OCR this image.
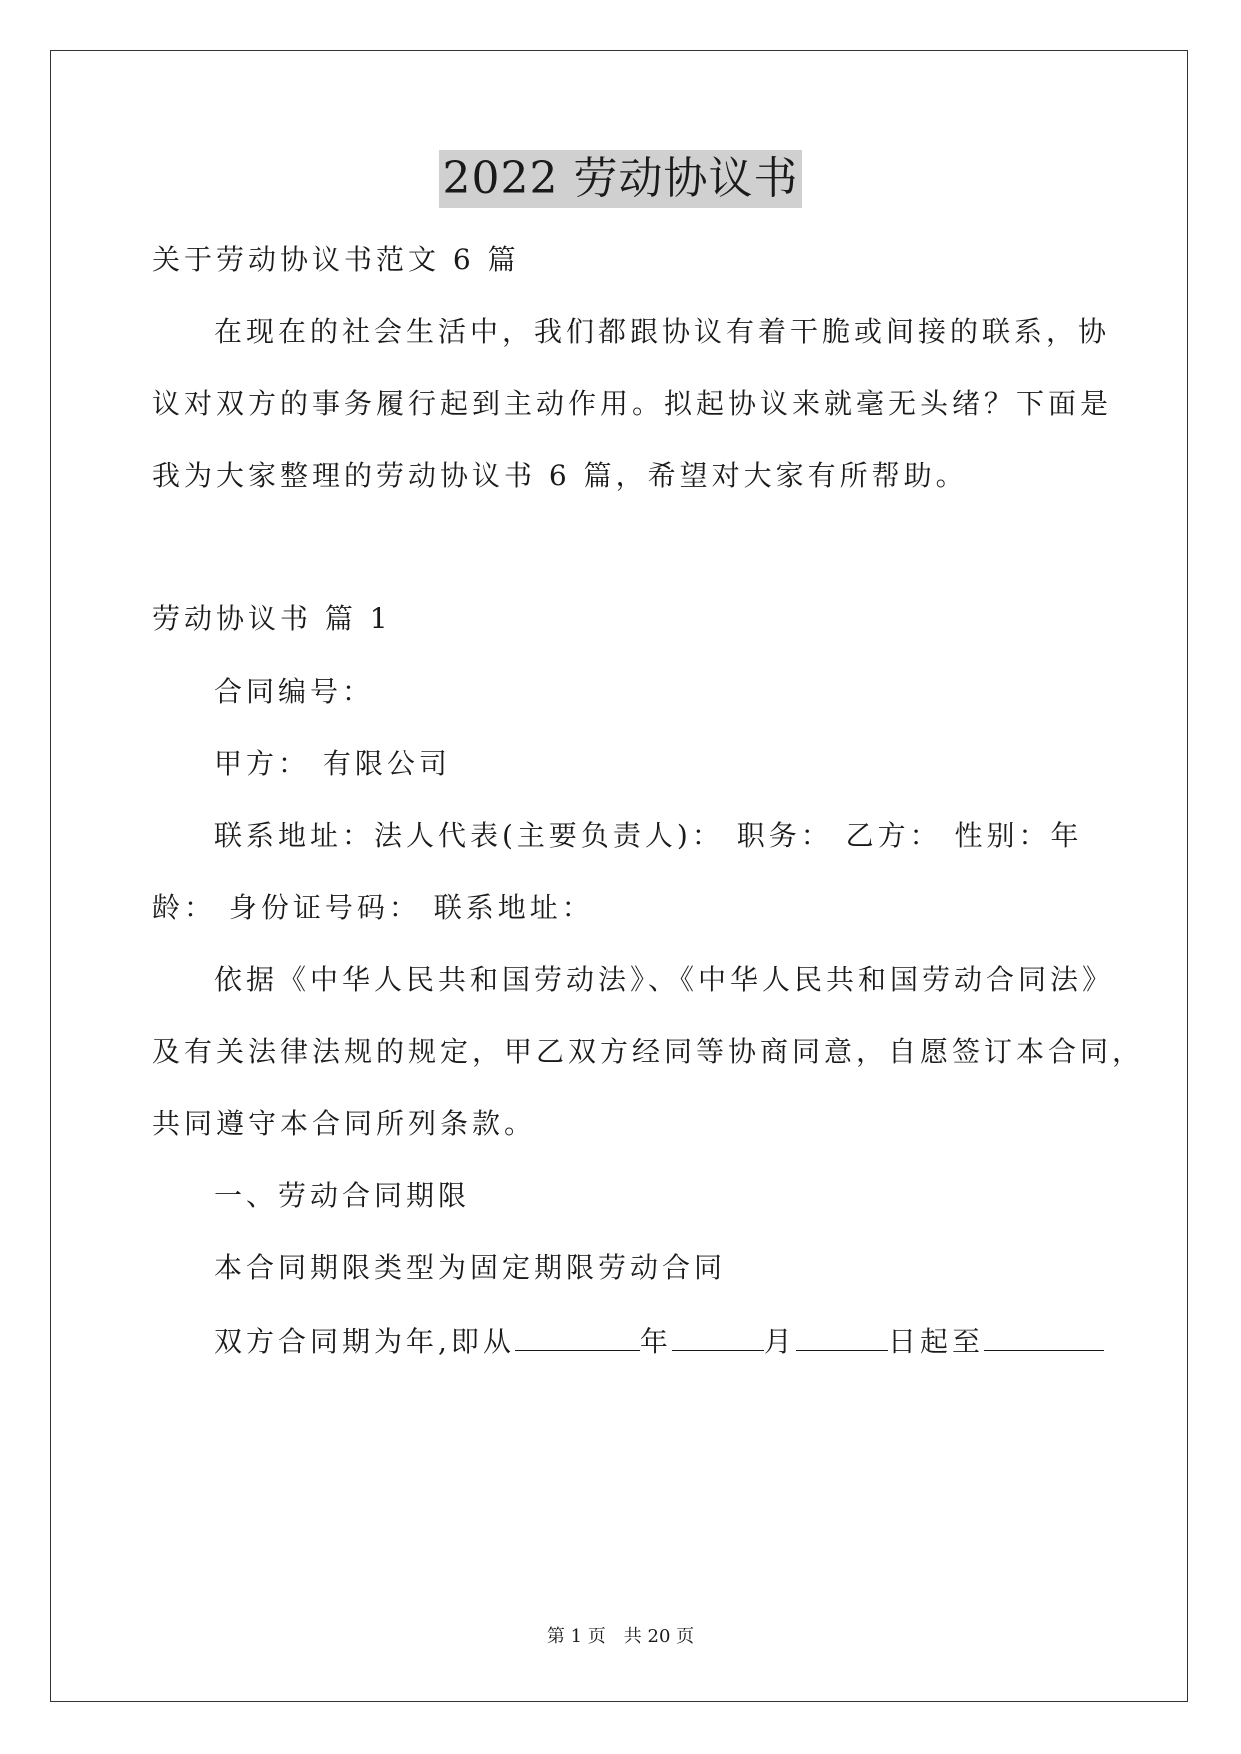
2022 劳动协议书
关于劳动协议书范文 6 篇
在现在的社会生活中，我们都跟协议有着干脆或间接的联系，协
议对双方的事务履行起到主动作用。拟起协议来就毫无头绪？下面是
我为大家整理的劳动协议书 6 篇，希望对大家有所帮助。
劳动协议书 篇 1
合同编号：
甲方： 有限公司
联系地址：法人代表(主要负责人)： 职务： 乙方： 性别：年
龄： 身份证号码： 联系地址：
依据《中华人民共和国劳动法》、《中华人民共和国劳动合同法》
及有关法律法规的规定，甲乙双方经同等协商同意，自愿签订本合同，
共同遵守本合同所列条款。
一、劳动合同期限
本合同期限类型为固定期限劳动合同
双方合同期为年,即从	年	月	日起至
第 1 页 共 20 页
